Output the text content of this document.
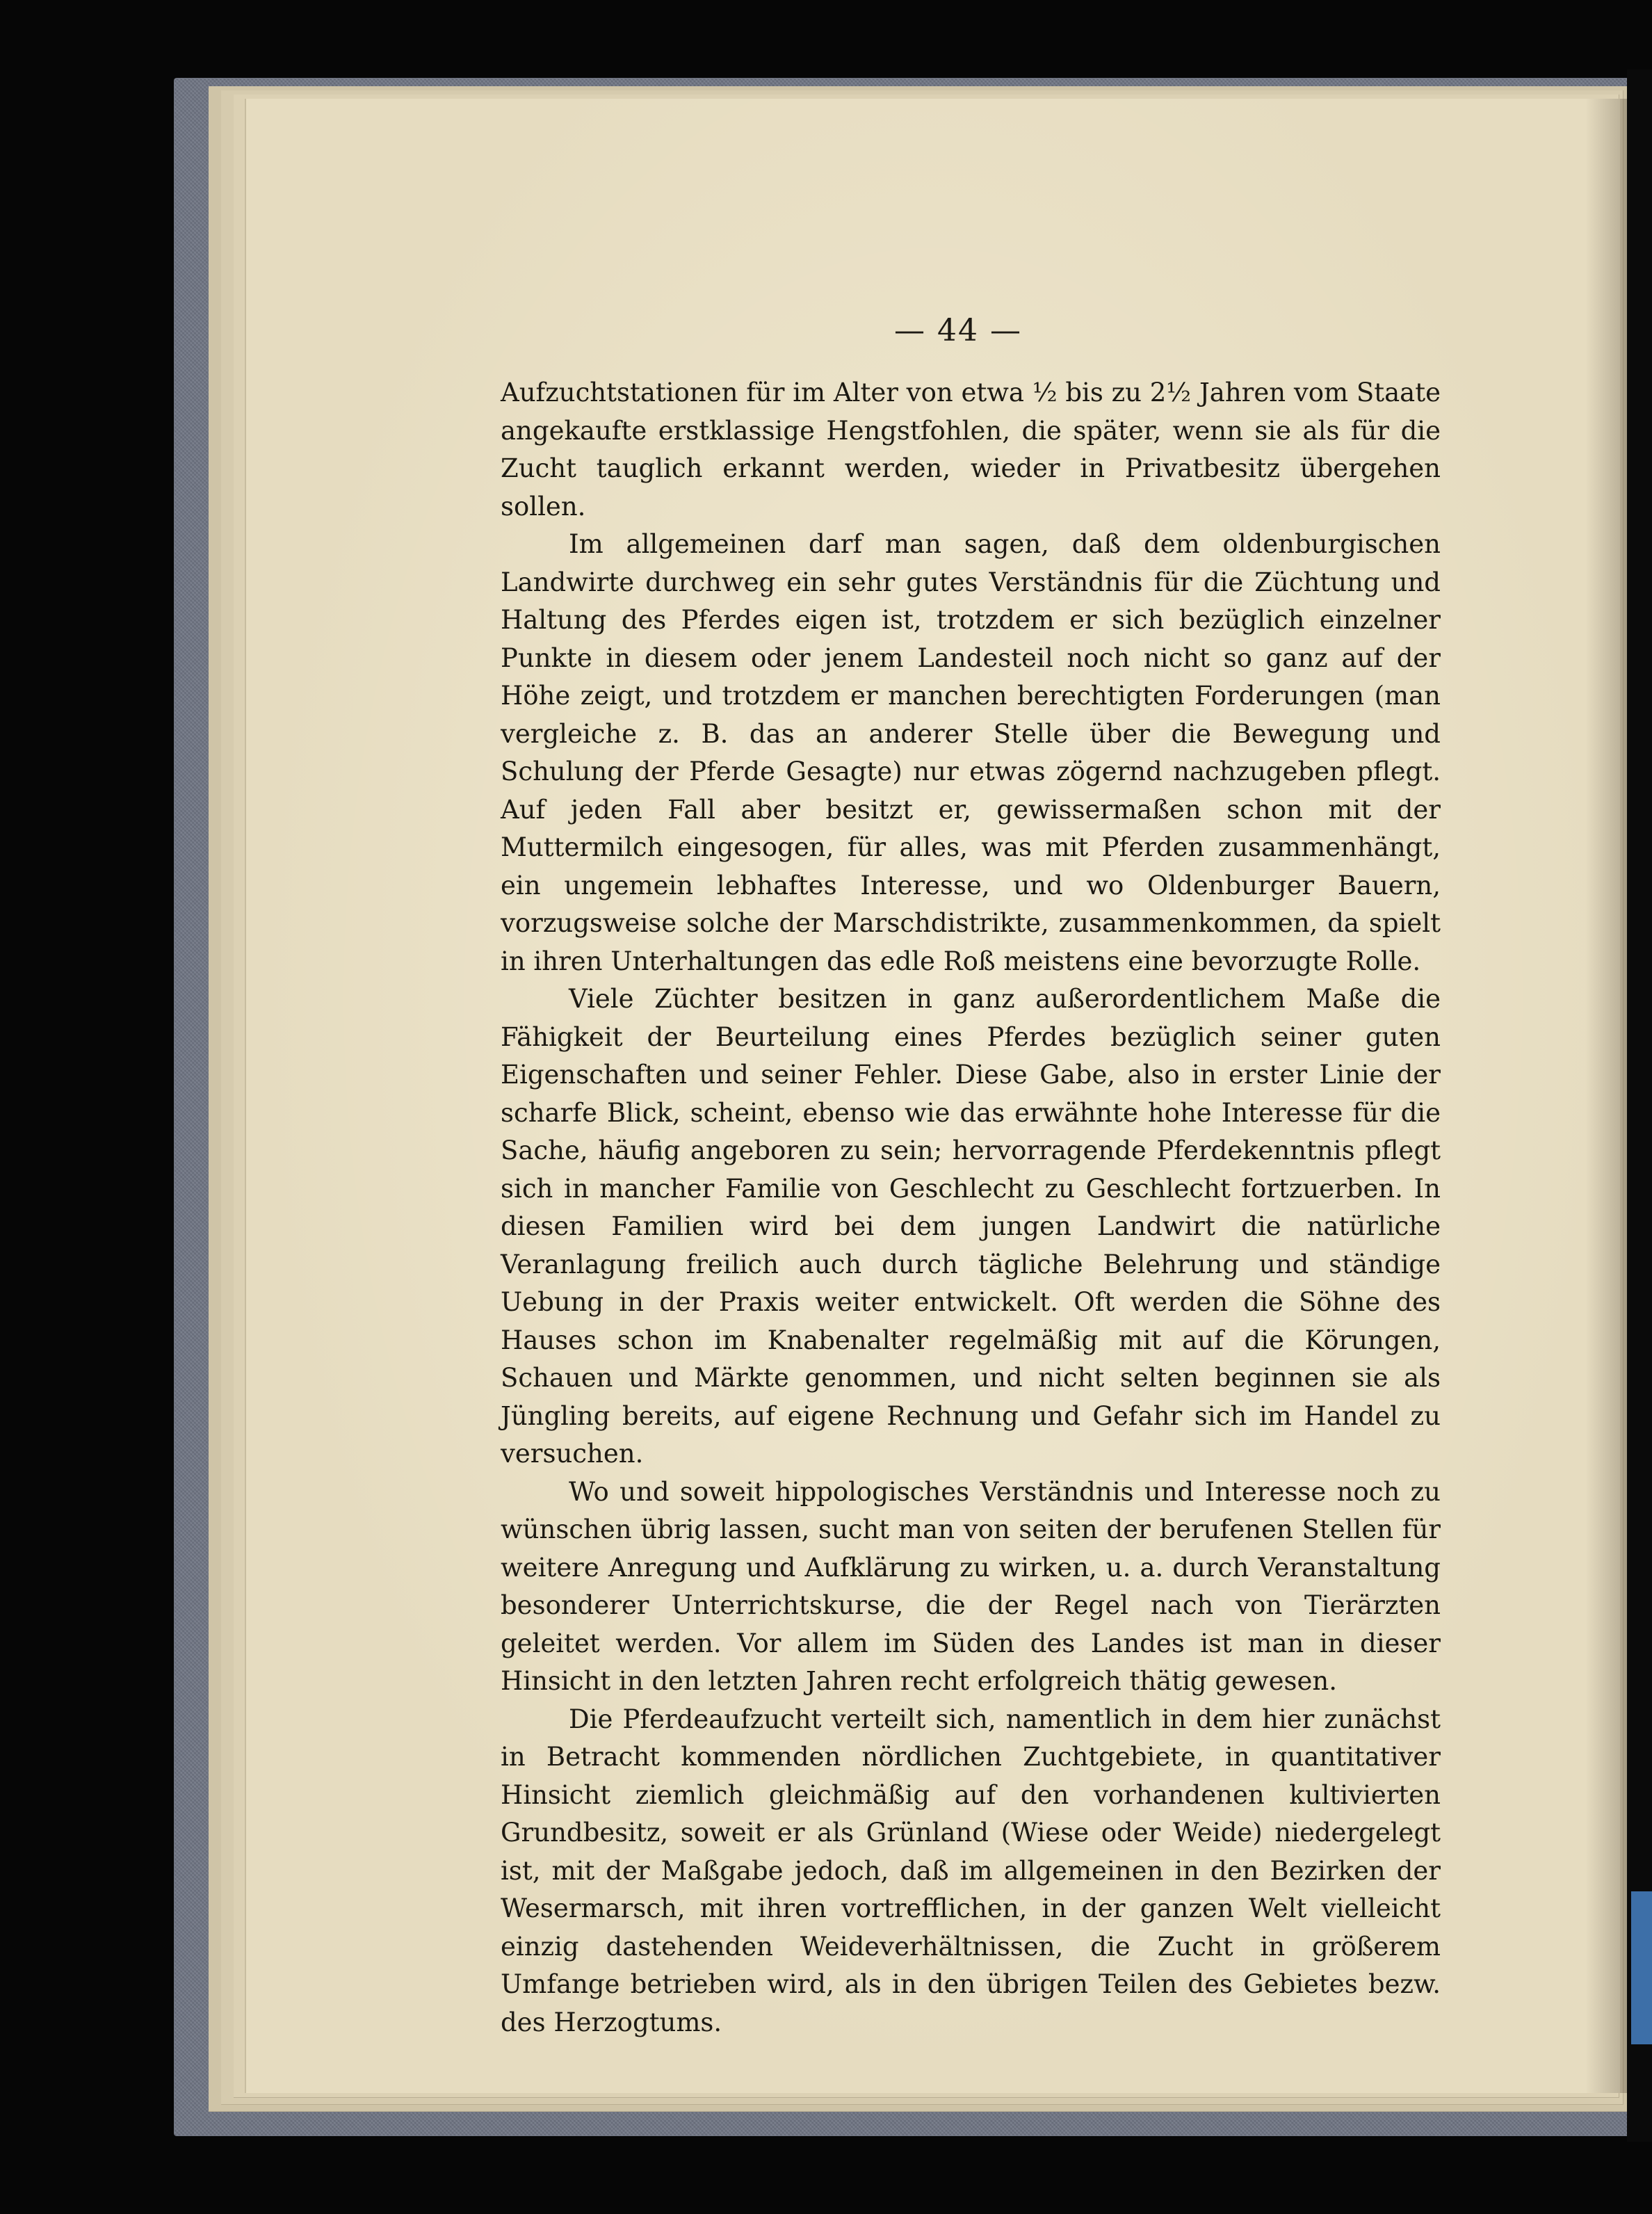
— 44 —

Aufzuchtstationen für im Alter von etwa ½ bis zu 2½ Jahren vom Staate angekaufte erstklassige Hengstfohlen, die später, wenn sie als für die Zucht tauglich erkannt werden, wieder in Privatbesitz übergehen sollen.

Im allgemeinen darf man sagen, daß dem oldenburgischen Landwirte durchweg ein sehr gutes Verständnis für die Züchtung und Haltung des Pferdes eigen ist, trotzdem er sich bezüglich einzelner Punkte in diesem oder jenem Landesteil noch nicht so ganz auf der Höhe zeigt, und trotzdem er manchen berechtigten Forderungen (man vergleiche z. B. das an anderer Stelle über die Bewegung und Schulung der Pferde Gesagte) nur etwas zögernd nachzugeben pflegt. Auf jeden Fall aber besitzt er, gewissermaßen schon mit der Muttermilch eingesogen, für alles, was mit Pferden zusammenhängt, ein ungemein lebhaftes Interesse, und wo Oldenburger Bauern, vorzugsweise solche der Marschdistrikte, zusammenkommen, da spielt in ihren Unterhaltungen das edle Roß meistens eine bevorzugte Rolle.

Viele Züchter besitzen in ganz außerordentlichem Maße die Fähigkeit der Beurteilung eines Pferdes bezüglich seiner guten Eigenschaften und seiner Fehler. Diese Gabe, also in erster Linie der scharfe Blick, scheint, ebenso wie das erwähnte hohe Interesse für die Sache, häufig angeboren zu sein; hervorragende Pferdekenntnis pflegt sich in mancher Familie von Geschlecht zu Geschlecht fortzuerben. In diesen Familien wird bei dem jungen Landwirt die natürliche Veranlagung freilich auch durch tägliche Belehrung und ständige Uebung in der Praxis weiter entwickelt. Oft werden die Söhne des Hauses schon im Knabenalter regelmäßig mit auf die Körungen, Schauen und Märkte genommen, und nicht selten beginnen sie als Jüngling bereits, auf eigene Rechnung und Gefahr sich im Handel zu versuchen.

Wo und soweit hippologisches Verständnis und Interesse noch zu wünschen übrig lassen, sucht man von seiten der berufenen Stellen für weitere Anregung und Aufklärung zu wirken, u. a. durch Veranstaltung besonderer Unterrichtskurse, die der Regel nach von Tierärzten geleitet werden. Vor allem im Süden des Landes ist man in dieser Hinsicht in den letzten Jahren recht erfolgreich thätig gewesen.

Die Pferdeaufzucht verteilt sich, namentlich in dem hier zunächst in Betracht kommenden nördlichen Zuchtgebiete, in quantitativer Hinsicht ziemlich gleichmäßig auf den vorhandenen kultivierten Grundbesitz, soweit er als Grünland (Wiese oder Weide) niedergelegt ist, mit der Maßgabe jedoch, daß im allgemeinen in den Bezirken der Wesermarsch, mit ihren vortrefflichen, in der ganzen Welt vielleicht einzig dastehenden Weideverhältnissen, die Zucht in größerem Umfange betrieben wird, als in den übrigen Teilen des Gebietes bezw. des Herzogtums.
